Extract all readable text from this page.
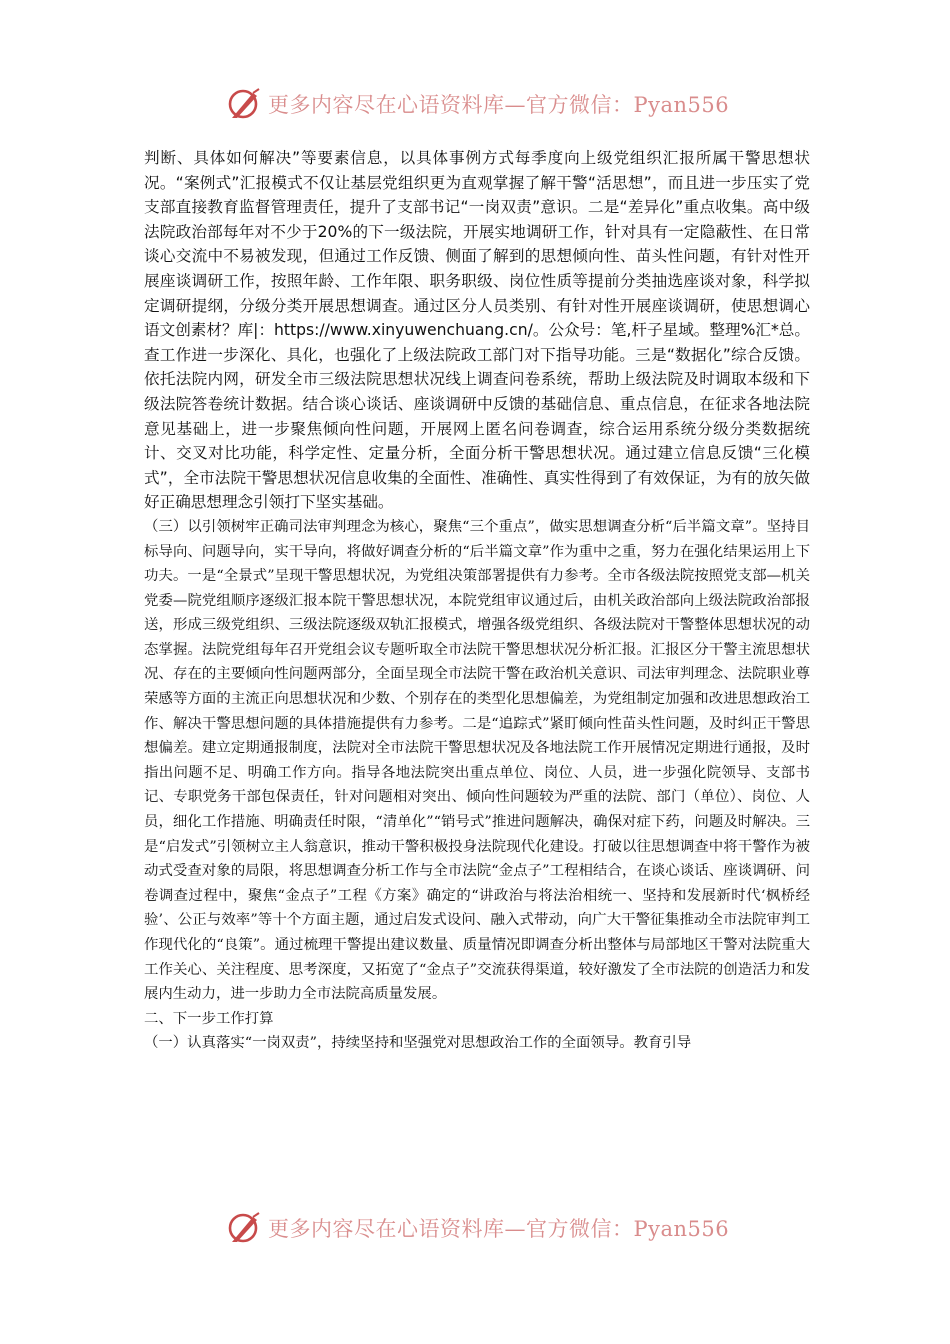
更多内容尽在心语资料库—官方微信：Pyan556

判断、具体如何解决”等要素信息，以具体事例方式每季度向上级党组织汇报所属干警思想状况。“案例式”汇报模式不仅让基层党组织更为直观掌握了解干警“活思想”，而且进一步压实了党支部直接教育监督管理责任，提升了支部书记“一岗双责”意识。二是“差异化”重点收集。高中级法院政治部每年对不少于20%的下一级法院，开展实地调研工作，针对具有一定隐蔽性、在日常谈心交流中不易被发现，但通过工作反馈、侧面了解到的思想倾向性、苗头性问题，有针对性开展座谈调研工作，按照年龄、工作年限、职务职级、岗位性质等提前分类抽选座谈对象，科学拟定调研提纲，分级分类开展思想调查。通过区分人员类别、有针对性开展座谈调研，使思想调心语文创素材？库|：https://www.xinyuwenchuang.cn/。公众号：笔,杆子星域。整理%汇*总。查工作进一步深化、具化，也强化了上级法院政工部门对下指导功能。三是“数据化”综合反馈。依托法院内网，研发全市三级法院思想状况线上调查问卷系统，帮助上级法院及时调取本级和下级法院答卷统计数据。结合谈心谈话、座谈调研中反馈的基础信息、重点信息，在征求各地法院意见基础上，进一步聚焦倾向性问题，开展网上匿名问卷调查，综合运用系统分级分类数据统计、交叉对比功能，科学定性、定量分析，全面分析干警思想状况。通过建立信息反馈“三化模式”，全市法院干警思想状况信息收集的全面性、准确性、真实性得到了有效保证，为有的放矢做好正确思想理念引领打下坚实基础。

（三）以引领树牢正确司法审判理念为核心，聚焦“三个重点”，做实思想调查分析“后半篇文章”。坚持目标导向、问题导向，实干导向，将做好调查分析的“后半篇文章”作为重中之重，努力在强化结果运用上下功夫。一是“全景式”呈现干警思想状况，为党组决策部署提供有力参考。全市各级法院按照党支部—机关党委—院党组顺序逐级汇报本院干警思想状况，本院党组审议通过后，由机关政治部向上级法院政治部报送，形成三级党组织、三级法院逐级双轨汇报模式，增强各级党组织、各级法院对干警整体思想状况的动态掌握。法院党组每年召开党组会议专题听取全市法院干警思想状况分析汇报。汇报区分干警主流思想状况、存在的主要倾向性问题两部分，全面呈现全市法院干警在政治机关意识、司法审判理念、法院职业尊荣感等方面的主流正向思想状况和少数、个别存在的类型化思想偏差，为党组制定加强和改进思想政治工作、解决干警思想问题的具体措施提供有力参考。二是“追踪式”紧盯倾向性苗头性问题，及时纠正干警思想偏差。建立定期通报制度，法院对全市法院干警思想状况及各地法院工作开展情况定期进行通报，及时指出问题不足、明确工作方向。指导各地法院突出重点单位、岗位、人员，进一步强化院领导、支部书记、专职党务干部包保责任，针对问题相对突出、倾向性问题较为严重的法院、部门（单位）、岗位、人员，细化工作措施、明确责任时限，“清单化”“销号式”推进问题解决，确保对症下药，问题及时解决。三是“启发式”引领树立主人翁意识，推动干警积极投身法院现代化建设。打破以往思想调查中将干警作为被动式受查对象的局限，将思想调查分析工作与全市法院“金点子”工程相结合，在谈心谈话、座谈调研、问卷调查过程中，聚焦“金点子”工程《方案》确定的“讲政治与将法治相统一、坚持和发展新时代‘枫桥经验’、公正与效率”等十个方面主题，通过启发式设问、融入式带动，向广大干警征集推动全市法院审判工作现代化的“良策”。通过梳理干警提出建议数量、质量情况即调查分析出整体与局部地区干警对法院重大工作关心、关注程度、思考深度，又拓宽了“金点子”交流获得渠道，较好激发了全市法院的创造活力和发展内生动力，进一步助力全市法院高质量发展。

二、下一步工作打算

（一）认真落实“一岗双责”，持续坚持和坚强党对思想政治工作的全面领导。教育引导

更多内容尽在心语资料库—官方微信：Pyan556
